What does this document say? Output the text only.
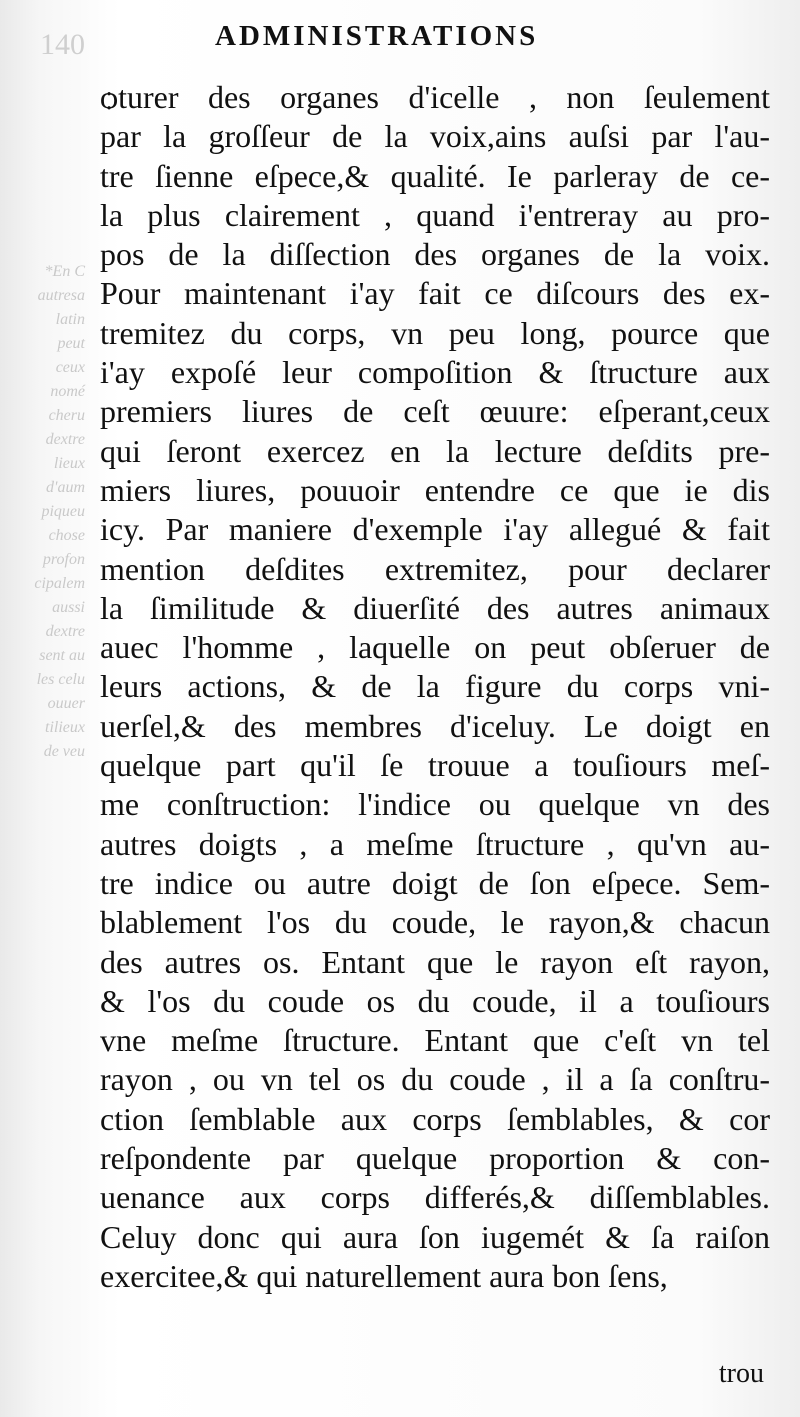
140	ADMINISTRATIONS
*En C
autresa
latin
peut
ceux
nomé
cheru
dextre
lieux
d'aum
piqueu
chose
profon
cipalem
aussi
dextre
sent au
les celu
ouuer
tilieux
de veu
ѻturer des organes d'icelle , non ſeulement
par la groſſeur de la voix,ains auſsi par l'au-
tre ſienne eſpece,& qualité. Ie parleray de ce-
la plus clairement , quand i'entreray au pro-
pos de la diſſection des organes de la voix.
Pour maintenant i'ay fait ce diſcours des ex-
tremitez du corps, vn peu long, pource que
i'ay expoſé leur compoſition & ſtructure aux
premiers liures de ceſt œuure: eſperant,ceux
qui ſeront exercez en la lecture deſdits pre-
miers liures, pouuoir entendre ce que ie dis
icy. Par maniere d'exemple i'ay allegué & fait
mention deſdites extremitez, pour declarer
la ſimilitude & diuerſité des autres animaux
auec l'homme , laquelle on peut obſeruer de
leurs actions, & de la figure du corps vni-
uerſel,& des membres d'iceluy. Le doigt en
quelque part qu'il ſe trouue a touſiours meſ-
me conſtruction: l'indice ou quelque vn des
autres doigts , a meſme ſtructure , qu'vn au-
tre indice ou autre doigt de ſon eſpece. Sem-
blablement l'os du coude, le rayon,& chacun
des autres os. Entant que le rayon eſt rayon,
& l'os du coude os du coude, il a touſiours
vne meſme ſtructure. Entant que c'eſt vn tel
rayon , ou vn tel os du coude , il a ſa conſtru-
ction ſemblable aux corps ſemblables, & cor
reſpondente par quelque proportion & con-
uenance aux corps differés,& diſſemblables.
Celuy donc qui aura ſon iugemét & ſa raiſon
exercitee,& qui naturellement aura bon ſens,
trou
